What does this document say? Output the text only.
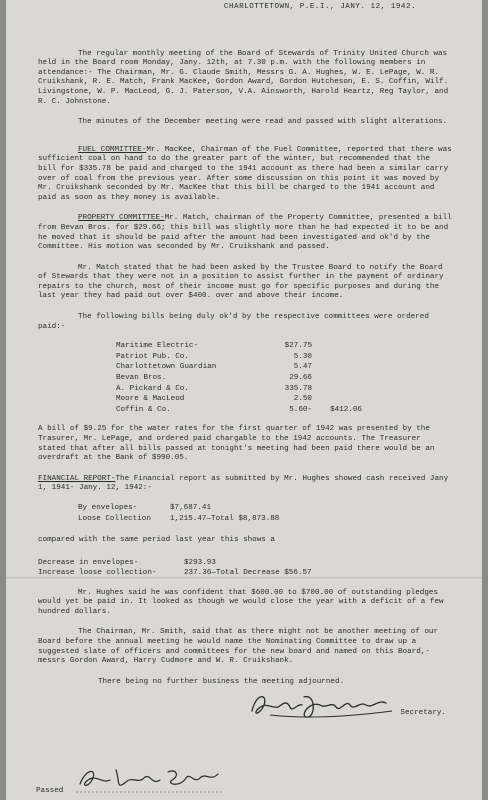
CHARLOTTETOWN, P.E.I., JANY. 12, 1942.

The regular monthly meeting of the Board of Stewards of Trinity United Church was held in the Board room Monday, Jany. 12th, at 7.30 p.m. with the following members in attendance:- The Chairman, Mr. G. Claude Smith, Messrs G. A. Hughes, W. E. LePage, W. R. Cruikshank, R. E. Match, Frank MacKee, Gordon Award, Gordon Hutcheson, E. S. Coffin, Wilf. Livingstone, W. P. MacLeod, G. J. Paterson, V.A. Ainsworth, Harold Heartz, Reg Taylor, and R. C. Johnstone.

The minutes of the December meeting were read and passed with slight alterations.

FUEL COMMITTEE-Mr. MacKee, Chairman of the Fuel Committee, reported that there was sufficient coal on hand to do the greater part of the winter, but recommended that the bill for $335.78 be paid and charged to the 1941 account as there had been a similar carry over of coal from the previous year. After some discussion on this point it was moved by Mr. Cruikshank seconded by Mr. MacKee that this bill be charged to the 1941 account and paid as soon as they money is available.

PROPERTY COMMITTEE-Mr. Match, chairman of the Property Committee, presented a bill from Bevan Bros. for $29.66; this bill was slightly more than he had expected it to be and he moved that it should be paid after the amount had been investigated and ok'd by the Committee. His motion was seconded by Mr. Cruikshank and passed.

Mr. Match stated that he had been asked by the Trustee Board to notify the Board of Stewards that they were not in a position to assist further in the payment of ordinary repairs to the church, most of their income must go for specific purposes and during the last year they had paid out over $400. over and above their income.

The following bills being duly ok'd by the respective committees were ordered paid:-

Maritime Electric-	$27.75
Patriot Pub. Co.	5.30
Charlottetown Guardian	5.47
Bevan Bros.	29.66
A. Pickard & Co.	335.78
Moore & MacLeod	2.50
Coffin & Co.	5.60-	$412.06

A bill of $9.25 for the water rates for the first quarter of 1942 was presented by the Trasurer, Mr. LePage, and ordered paid chargable to the 1942 accounts. The Treasurer stated that after all bills passed at tonight's meeting had been paid there would be an overdraft at the Bank of $990.05.

FINANCIAL REPORT-The Financial report as submitted by Mr. Hughes showed cash received Jany 1, 1941- Jany. 12, 1942:-

By envelopes-	$7,687.41
Loose Collection	1,215.47—Total $8,873.88

compared with the same period last year this shows a

Decrease in envelopes-	$293.93
Increase loose collection-	237.36—Total Decrease $56.57

Mr. Hughes said he was confident that $600.00 to $700.00 of outstanding pledges would yet be paid in. It looked as though we would close the year with a deficit of a few hundred dollars.

The Chairman, Mr. Smith, said that as there might not be another meeting of our Board before the annual meeting he would name the Nominating Committee to draw up a suggested slate of officers and committees for the new board and named on this Board,- messrs Gordon Award, Harry Cudmore and W. R. Cruikshank.

There being no further business the meeting adjourned.

Secretary.
Passed
